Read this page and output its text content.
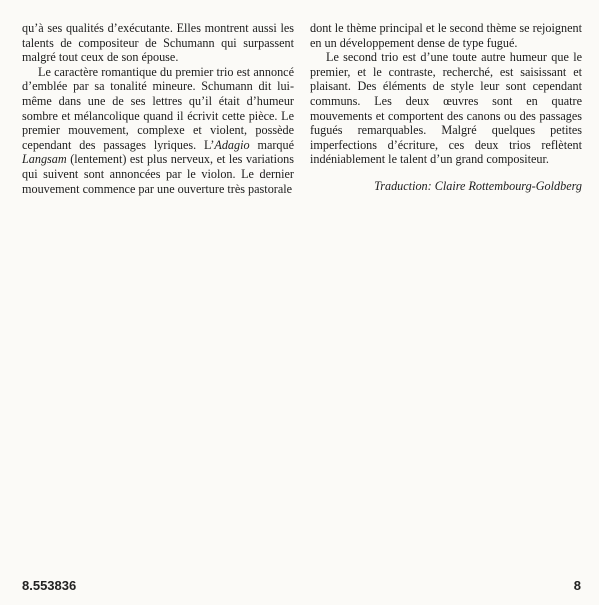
qu’à ses qualités d’exécutante. Elles montrent aussi les talents de compositeur de Schumann qui surpassent malgré tout ceux de son épouse.

Le caractère romantique du premier trio est annoncé d’emblée par sa tonalité mineure. Schumann dit lui-même dans une de ses lettres qu’il était d’humeur sombre et mélancolique quand il écrivit cette pièce. Le premier mouvement, complexe et violent, possède cependant des passages lyriques. L’Adagio marqué Langsam (lentement) est plus nerveux, et les variations qui suivent sont annoncées par le violon. Le dernier mouvement commence par une ouverture très pastorale

dont le thème principal et le second thème se rejoignent en un développement dense de type fugué.

Le second trio est d’une toute autre humeur que le premier, et le contraste, recherché, est saisissant et plaisant. Des éléments de style leur sont cependant communs. Les deux œuvres sont en quatre mouvements et comportent des canons ou des passages fugués remarquables. Malgré quelques petites imperfections d’écriture, ces deux trios reflètent indéniablement le talent d’un grand compositeur.

Traduction: Claire Rottembourg-Goldberg

8.553836	8
